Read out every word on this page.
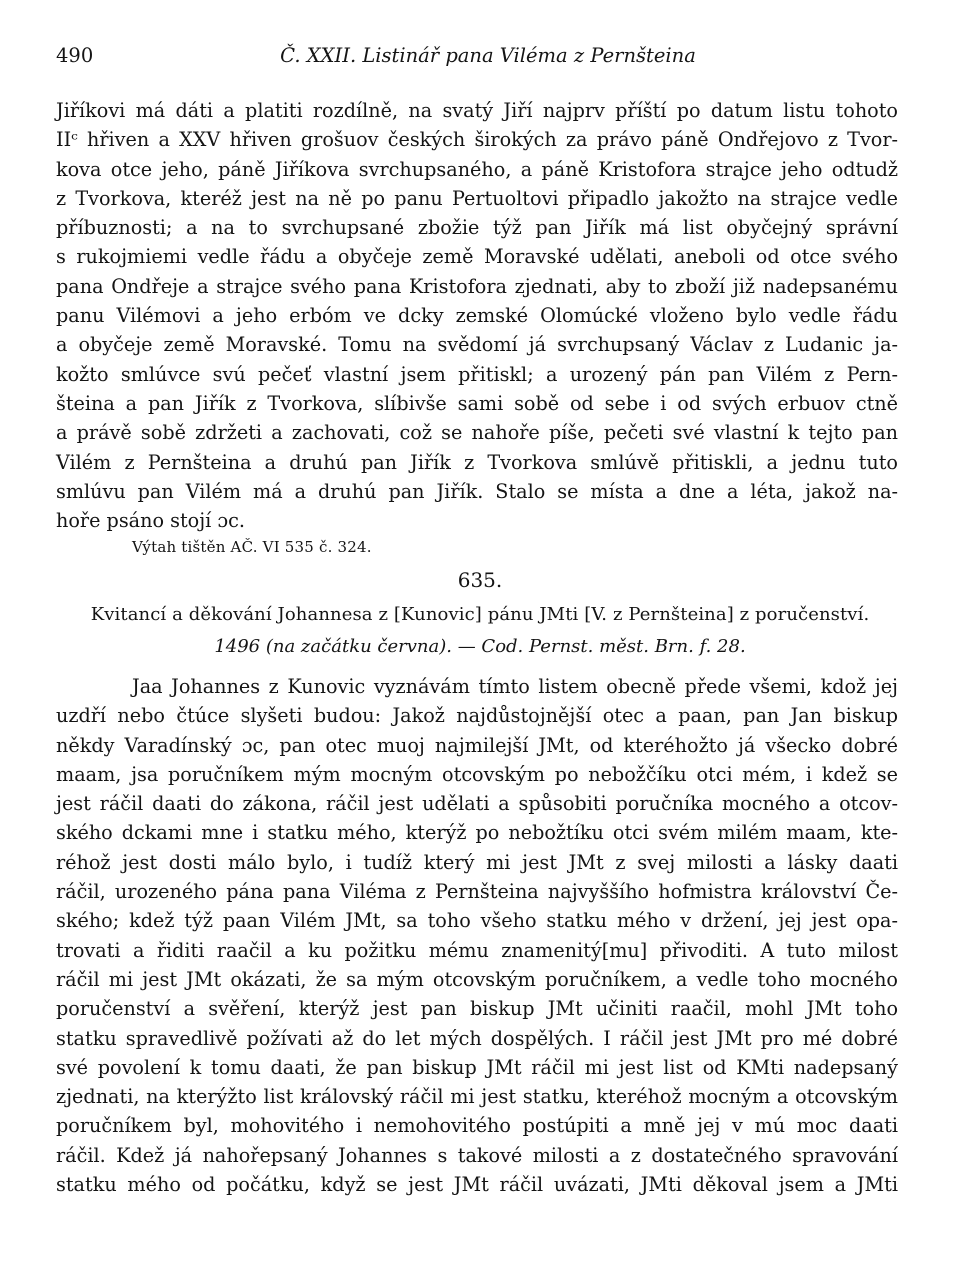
490	Č. XXII. Listinář pana Viléma z Pernšteina
Jiříkovi má dáti a platiti rozdílně, na svatý Jiří najprv příští po datum listu tohoto
IIᶜ hřiven a XXV hřiven grošuov českých širokých za právo páně Ondřejovo z Tvor-
kova otce jeho, páně Jiříkova svrchupsaného, a páně Kristofora strajce jeho odtudž
z Tvorkova, kteréž jest na ně po panu Pertuoltovi připadlo jakožto na strajce vedle
příbuznosti; a na to svrchupsané zbožie týž pan Jiřík má list obyčejný správní
s rukojmiemi vedle řádu a obyčeje země Moravské udělati, aneboli od otce svého
pana Ondřeje a strajce svého pana Kristofora zjednati, aby to zboží již nadepsanému
panu Vilémovi a jeho erbóm ve dcky zemské Olomúcké vloženo bylo vedle řádu
a obyčeje země Moravské. Tomu na svědomí já svrchupsaný Václav z Ludanic ja-
kožto smlúvce svú pečeť vlastní jsem přitiskl; a urozený pán pan Vilém z Pern-
šteina a pan Jiřík z Tvorkova, slíbivše sami sobě od sebe i od svých erbuov ctně
a právě sobě zdržeti a zachovati, což se nahoře píše, pečeti své vlastní k tejto pan
Vilém z Pernšteina a druhú pan Jiřík z Tvorkova smlúvě přitiskli, a jednu tuto
smlúvu pan Vilém má a druhú pan Jiřík. Stalo se místa a dne a léta, jakož na-
hoře psáno stojí ɔc.
Výtah tištěn AČ. VI 535 č. 324.
635.
Kvitancí a děkování Johannesa z [Kunovic] pánu JMti [V. z Pernšteina] z poručenství.
1496 (na začátku června). — Cod. Pernst. měst. Brn. f. 28.
Jaa Johannes z Kunovic vyznávám tímto listem obecně přede všemi, kdož jej
uzdří nebo čtúce slyšeti budou: Jakož najdůstojnější otec a paan, pan Jan biskup
někdy Varadínský ɔc, pan otec muoj najmilejší JMt, od kteréhožto já všecko dobré
maam, jsa poručníkem mým mocným otcovským po nebožčíku otci mém, i kdež se
jest ráčil daati do zákona, ráčil jest udělati a spůsobiti poručníka mocného a otcov-
ského dckami mne i statku mého, kterýž po nebožtíku otci svém milém maam, kte-
réhož jest dosti málo bylo, i tudíž který mi jest JMt z svej milosti a lásky daati
ráčil, urozeného pána pana Viléma z Pernšteina najvyššího hofmistra království Če-
ského; kdež týž paan Vilém JMt, sa toho všeho statku mého v držení, jej jest opa-
trovati a řiditi raačil a ku požitku mému znamenitý[mu] přivoditi. A tuto milost
ráčil mi jest JMt okázati, že sa mým otcovským poručníkem, a vedle toho mocného
poručenství a svěření, kterýž jest pan biskup JMt učiniti raačil, mohl JMt toho
statku spravedlivě požívati až do let mých dospělých. I ráčil jest JMt pro mé dobré
své povolení k tomu daati, že pan biskup JMt ráčil mi jest list od KMti nadepsaný
zjednati, na kterýžto list královský ráčil mi jest statku, kteréhož mocným a otcovským
poručníkem byl, mohovitého i nemohovitého postúpiti a mně jej v mú moc daati
ráčil. Kdež já nahořepsaný Johannes s takové milosti a z dostatečného spravování
statku mého od počátku, když se jest JMt ráčil uvázati, JMti děkoval jsem a JMti
